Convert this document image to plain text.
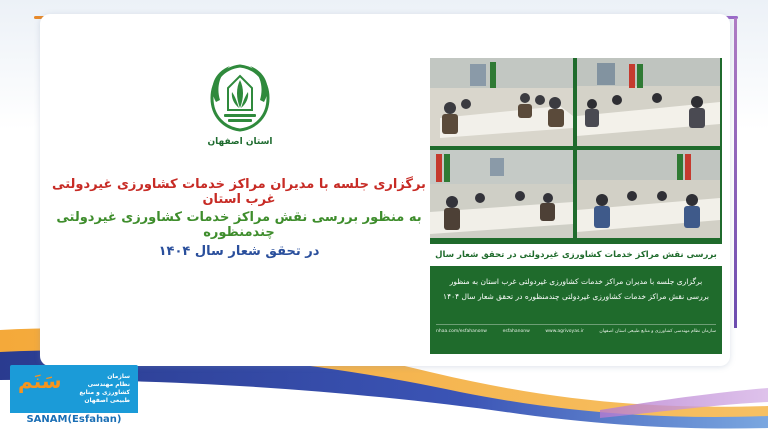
استان اصفهان

برگزاری جلسه با مدیران مراکز خدمات کشاورزی غیردولتی غرب استان

به منظور بررسی نقش مراکز خدمات کشاورزی غیردولتی چندمنظوره

در تحقق شعار سال ۱۴۰۴	بررسی نقش مراکز خدمات کشاورزی غیردولتی در تحقق شعار سال
برگزاری جلسه با مدیران مراکز خدمات کشاورزی غیردولتی غرب استان به منظور
بررسی نقش مراکز خدمات کشاورزی غیردولتی چندمنظوره در تحقق شعار سال ۱۴۰۴
nhaa.com/esfahanonw	esfahanonw	www.agrivoyas.ir	سازمان نظام مهندسی کشاورزی و منابع طبیعی استان اصفهان
سَنَم	سازمان
نظام مهندسی
کشاورزی و منابع طبیعی اصفهان
SANAM(Esfahan)
